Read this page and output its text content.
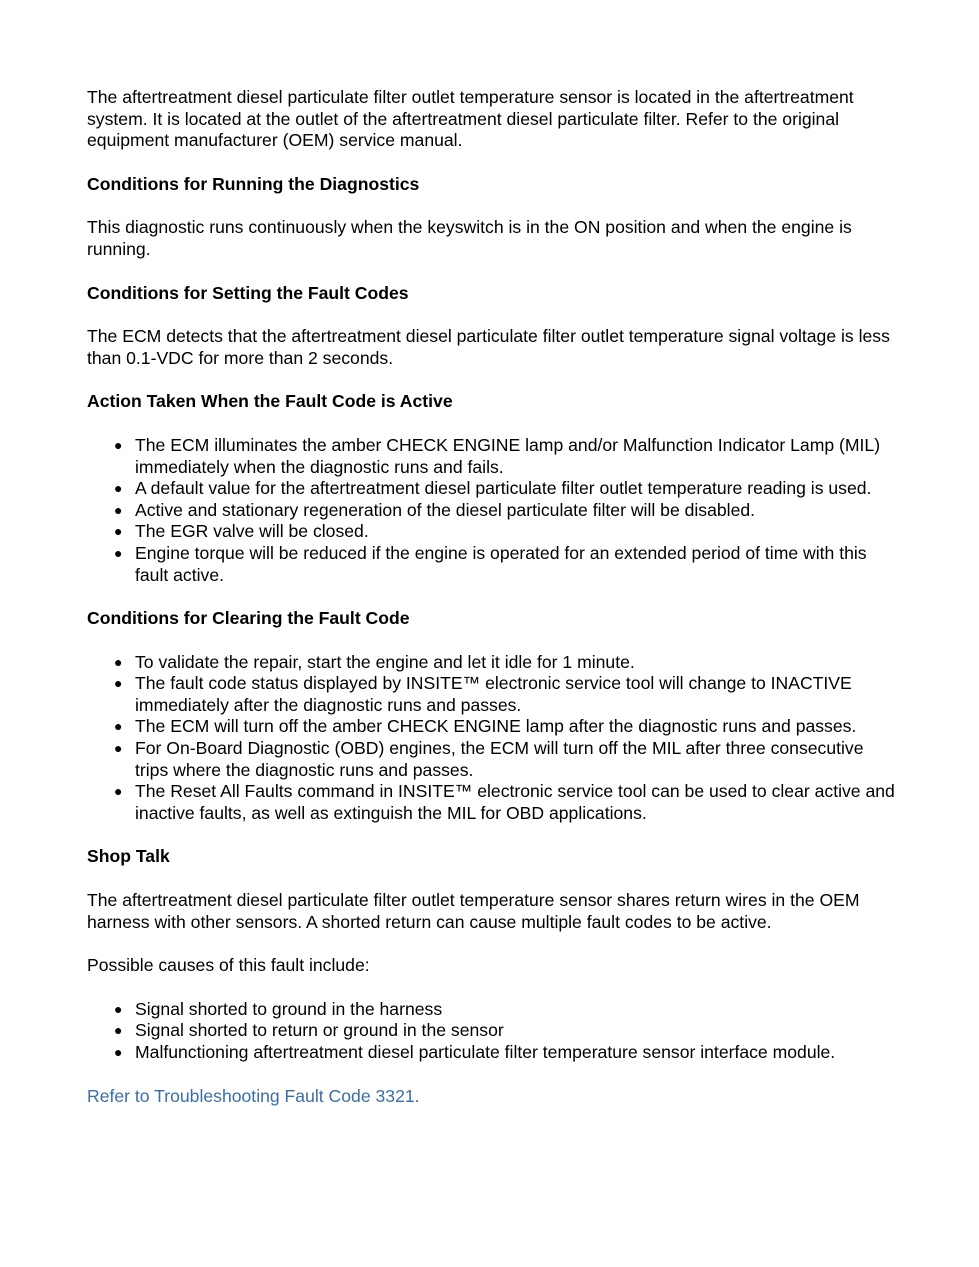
The aftertreatment diesel particulate filter outlet temperature sensor is located in the aftertreatment system. It is located at the outlet of the aftertreatment diesel particulate filter. Refer to the original equipment manufacturer (OEM) service manual.

Conditions for Running the Diagnostics

This diagnostic runs continuously when the keyswitch is in the ON position and when the engine is running.

Conditions for Setting the Fault Codes

The ECM detects that the aftertreatment diesel particulate filter outlet temperature signal voltage is less than 0.1-VDC for more than 2 seconds.

Action Taken When the Fault Code is Active
● The ECM illuminates the amber CHECK ENGINE lamp and/or Malfunction Indicator Lamp (MIL) immediately when the diagnostic runs and fails.
● A default value for the aftertreatment diesel particulate filter outlet temperature reading is used.
● Active and stationary regeneration of the diesel particulate filter will be disabled.
● The EGR valve will be closed.
● Engine torque will be reduced if the engine is operated for an extended period of time with this fault active.
Conditions for Clearing the Fault Code
● To validate the repair, start the engine and let it idle for 1 minute.
● The fault code status displayed by INSITE™ electronic service tool will change to INACTIVE immediately after the diagnostic runs and passes.
● The ECM will turn off the amber CHECK ENGINE lamp after the diagnostic runs and passes.
● For On-Board Diagnostic (OBD) engines, the ECM will turn off the MIL after three consecutive trips where the diagnostic runs and passes.
● The Reset All Faults command in INSITE™ electronic service tool can be used to clear active and inactive faults, as well as extinguish the MIL for OBD applications.
Shop Talk

The aftertreatment diesel particulate filter outlet temperature sensor shares return wires in the OEM harness with other sensors. A shorted return can cause multiple fault codes to be active.

Possible causes of this fault include:

● Signal shorted to ground in the harness
● Signal shorted to return or ground in the sensor
● Malfunctioning aftertreatment diesel particulate filter temperature sensor interface module.

Refer to Troubleshooting Fault Code 3321.
